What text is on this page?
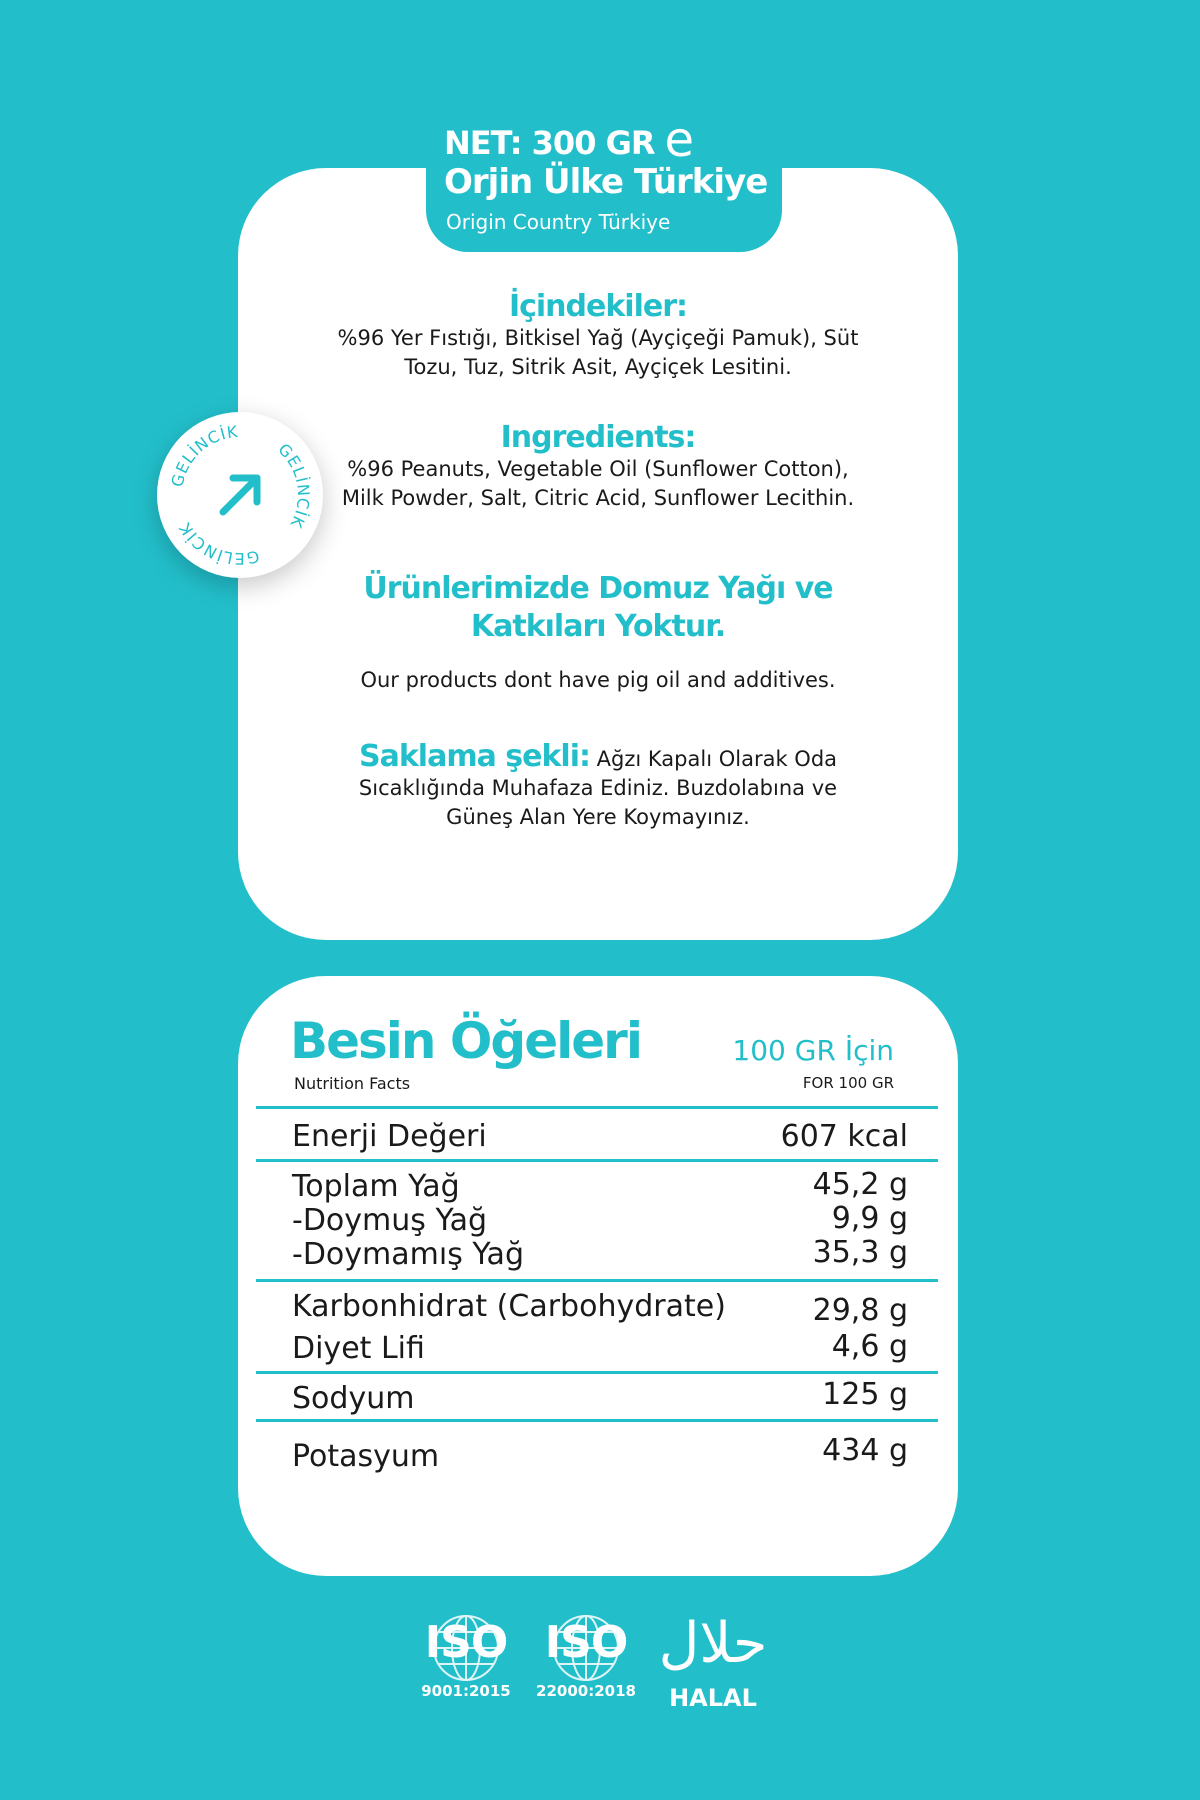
NET: 300 GR e
Orjin Ülke Türkiye
Origin Country Türkiye
İçindekiler:
%96 Yer Fıstığı, Bitkisel Yağ (Ayçiçeği Pamuk), Süt
Tozu, Tuz, Sitrik Asit, Ayçiçek Lesitini.
Ingredients:
%96 Peanuts, Vegetable Oil (Sunflower Cotton),
Milk Powder, Salt, Citric Acid, Sunflower Lecithin.
Ürünlerimizde Domuz Yağı ve
Katkıları Yoktur.
Our products dont have pig oil and additives.
Saklama şekli: Ağzı Kapalı Olarak Oda
Sıcaklığında Muhafaza Ediniz. Buzdolabına ve
Güneş Alan Yere Koymayınız.
GELİNCİK
GELİNCİK
GELİNCİK
Besin Öğeleri
Nutrition Facts
100 GR İçin
FOR 100 GR
Enerji Değeri	607 kcal
Toplam Yağ	45,2 g
-Doymuş Yağ	9,9 g
-Doymamış Yağ	35,3 g
Karbonhidrat (Carbohydrate)	29,8 g
Diyet Lifi	4,6 g
Sodyum	125 g
Potasyum	434 g
ISO
9001:2015
ISO
22000:2018
حلال
HALAL
